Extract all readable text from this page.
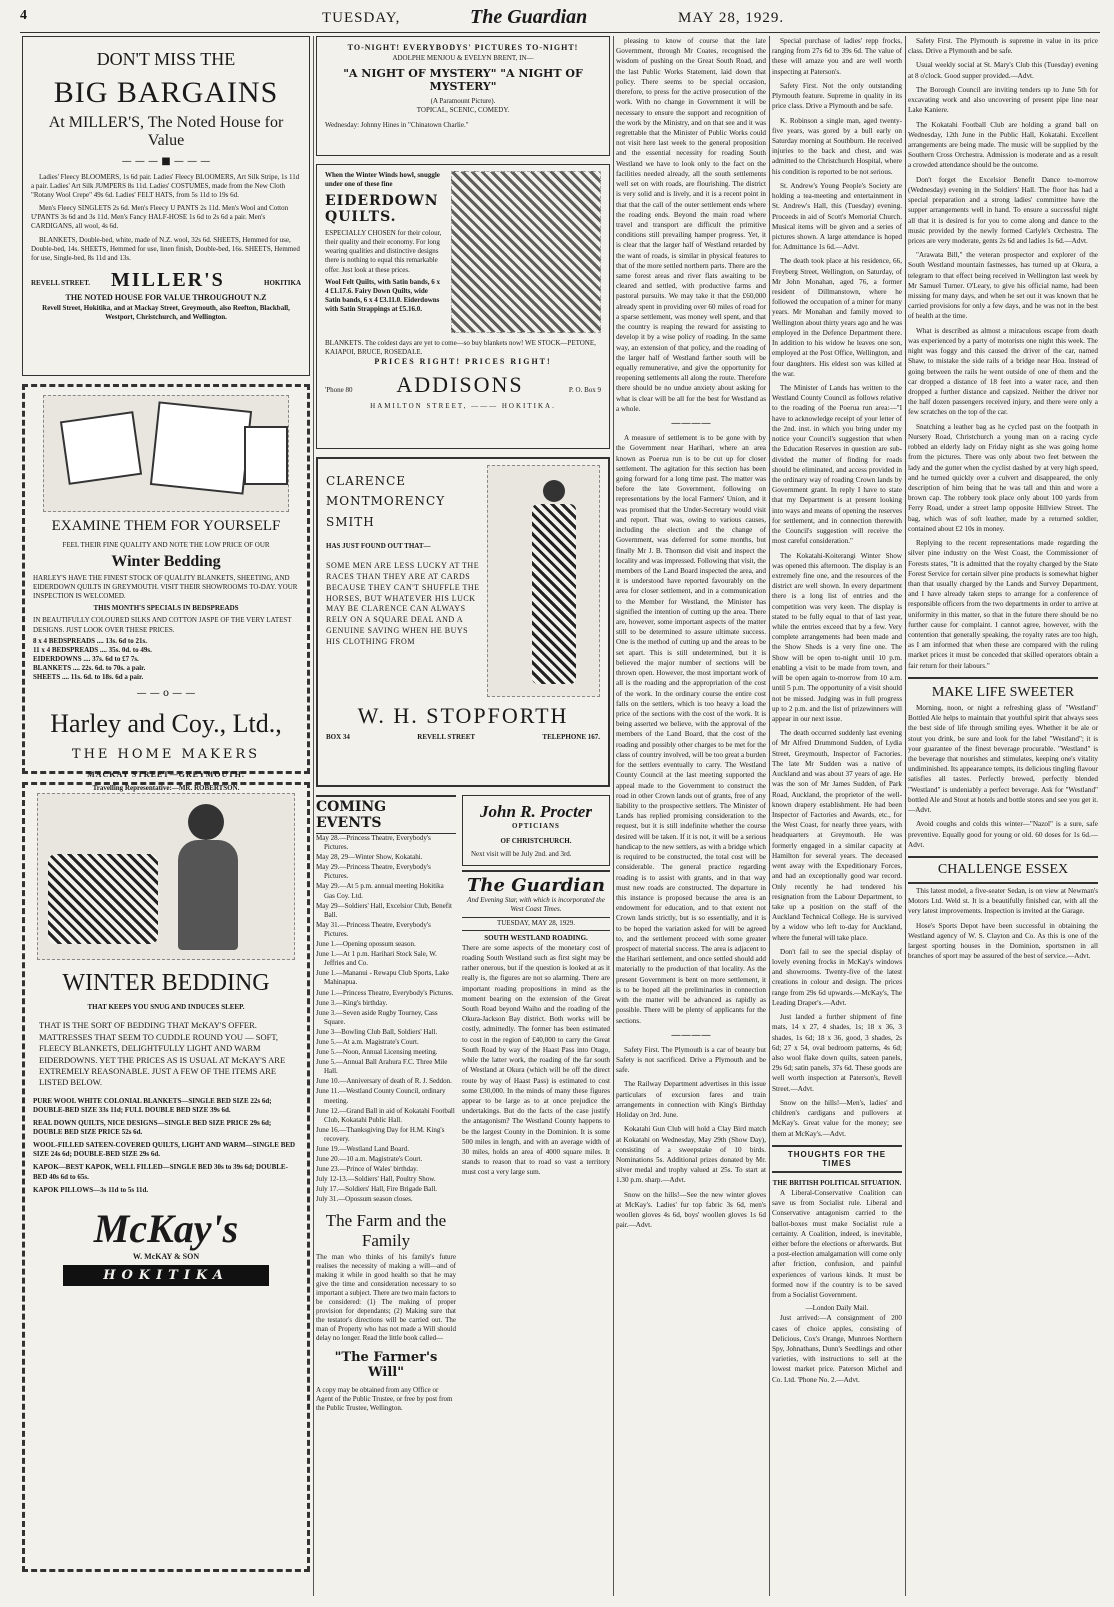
4	TUESDAY,	The Guardian	MAY 28, 1929.
DON'T MISS THE
BIG BARGAINS
At MILLER'S, The Noted House for Value
— — — ■ — — —

Ladies' Fleecy BLOOMERS, 1s 6d pair. Ladies' Fleecy BLOOMERS, Art Silk Stripe, 1s 11d a pair. Ladies' Art Silk JUMPERS 8s 11d. Ladies' COSTUMES, made from the New Cloth "Rotany Wool Crepe" 49s 6d. Ladies' FELT HATS, from 5s 11d to 19s 6d.

Men's Fleecy SINGLETS 2s 6d. Men's Fleecy U PANTS 2s 11d. Men's Wool and Cotton U'PANTS 3s 6d and 3s 11d. Men's Fancy HALF-HOSE 1s 6d to 2s 6d a pair. Men's CARDIGANS, all wool, 4s 6d.

BLANKETS, Double-bed, white, made of N.Z. wool, 32s 6d. SHEETS, Hemmed for use, Double-bed, 14s. SHEETS, Hemmed for use, linen finish, Double-bed, 16s. SHEETS, Hemmed for use, Single-bed, 8s 11d and 13s.

REVELL STREET. MILLER'S	HOKITIKA
THE NOTED HOUSE FOR VALUE THROUGHOUT N.Z
Revell Street, Hokitika, and at Mackay Street, Greymouth, also Reefton, Blackball, Westport, Christchurch, and Wellington.
EXAMINE THEM FOR YOURSELF
FEEL THEIR FINE QUALITY AND NOTE THE LOW PRICE OF OUR
Winter Bedding
HARLEY'S HAVE THE FINEST STOCK OF QUALITY BLANKETS, SHEETING, AND EIDERDOWN QUILTS IN GREYMOUTH. VISIT THEIR SHOWROOMS TO-DAY. YOUR INSPECTION IS WELCOMED.
THIS MONTH'S SPECIALS IN BEDSPREADS
IN BEAUTIFULLY COLOURED SILKS AND COTTON JASPE OF THE VERY LATEST DESIGNS. JUST LOOK OVER THESE PRICES.
8 x 4 BEDSPREADS .... 13s. 6d to 21s.
11 x 4 BEDSPREADS .... 35s. 0d. to 49s.
EIDERDOWNS .... 37s. 6d to £7 7s.
BLANKETS .... 22s. 6d. to 70s. a pair.
SHEETS .... 11s. 6d. to 18s. 6d a pair.
— — o — —
Harley and Coy., Ltd.,
THE HOME MAKERS
MACKAY STREET—GREYMOUTH.
Travelling Representative:—MR. ROBERTSON.
WINTER BEDDING
THAT KEEPS YOU SNUG AND INDUCES SLEEP.
THAT IS THE SORT OF BEDDING THAT McKAY'S OFFER. MATTRESSES THAT SEEM TO CUDDLE ROUND YOU — SOFT, FLEECY BLANKETS, DELIGHTFULLY LIGHT AND WARM EIDERDOWNS. YET THE PRICES AS IS USUAL AT McKAY'S ARE EXTREMELY REASONABLE. JUST A FEW OF THE ITEMS ARE LISTED BELOW.

PURE WOOL WHITE COLONIAL BLANKETS—SINGLE BED SIZE 22s 6d; DOUBLE-BED SIZE 33s 11d; FULL DOUBLE BED SIZE 39s 6d.

REAL DOWN QUILTS, NICE DESIGNS—SINGLE BED SIZE PRICE 29s 6d; DOUBLE BED SIZE PRICE 52s 6d.

WOOL-FILLED SATEEN-COVERED QUILTS, LIGHT AND WARM—SINGLE BED SIZE 24s 6d; DOUBLE-BED SIZE 29s 6d.

KAPOK—BEST KAPOK, WELL FILLED—SINGLE BED 30s to 39s 6d; DOUBLE-BED 40s 6d to 65s.

KAPOK PILLOWS—3s 11d to 5s 11d.

McKay's
W. McKAY & SON
HOKITIKA
TO-NIGHT! EVERYBODYS' PICTURES TO-NIGHT!
ADOLPHE MENJOU & EVELYN BRENT, IN—
"A NIGHT OF MYSTERY" "A NIGHT OF MYSTERY"
(A Paramount Picture).
TOPICAL, SCENIC, COMEDY.
Wednesday: Johnny Hines in "Chinatown Charlie."
When the Winter Winds howl, snuggle under one of these fine
EIDERDOWN QUILTS.
ESPECIALLY CHOSEN for their colour, their quality and their economy. For long wearing qualities and distinctive designs there is nothing to equal this remarkable offer. Just look at these prices.
Wool Felt Quilts, with Satin bands, 6 x 4 £1.17.6. Fairy Down Quilts, wide Satin bands, 6 x 4 £3.11.0. Eiderdowns with Satin Strappings at £5.16.0.
BLANKETS. The coldest days are yet to come—so buy blankets now! WE STOCK—PETONE, KAIAPOI, BRUCE, ROSEDALE.
PRICES RIGHT! PRICES RIGHT!
'Phone 80	ADDISONS	P. O. Box 9
HAMILTON STREET, ——— HOKITIKA.
CLARENCE
MONTMORENCY
SMITH
HAS JUST FOUND OUT THAT—
SOME MEN ARE LESS LUCKY AT THE RACES THAN THEY ARE AT CARDS BECAUSE THEY CAN'T SHUFFLE THE HORSES, BUT WHATEVER HIS LUCK MAY BE CLARENCE CAN ALWAYS RELY ON A SQUARE DEAL AND A GENUINE SAVING WHEN HE BUYS HIS CLOTHING FROM
W. H. STOPFORTH
BOX 34	REVELL STREET	TELEPHONE 167.
COMING EVENTS

May 28.—Princess Theatre, Everybody's Pictures.

May 28, 29—Winter Show, Kokatahi.

May 29.—Princess Theatre, Everybody's Pictures.

May 29.—At 5 p.m. annual meeting Hokitika Gas Coy. Ltd.

May 29—Soldiers' Hall, Excelsior Club, Benefit Ball.

May 31.—Princess Theatre, Everybody's Pictures.

June 1.—Opening opossum season.

June 1.—At 1 p.m. Harihari Stock Sale, W. Jeffries and Co.

June 1.—Mananui - Rewapu Club Sports, Lake Mahinapua.

June 1.—Princess Theatre, Everybody's Pictures.

June 3.—King's birthday.

June 3.—Seven aside Rugby Tourney, Cass Square.

June 3—Bowling Club Ball, Soldiers' Hall.

June 5.—At a.m. Magistrate's Court.

June 5.—Noon, Annual Licensing meeting.

June 5.—Annual Ball Arahura F.C. Three Mile Hall.

June 10.—Anniversary of death of R. J. Seddon.

June 11.—Westland County Council, ordinary meeting.

June 12.—Grand Ball in aid of Kokatahi Football Club, Kokatahi Public Hall.

June 16.—Thanksgiving Day for H.M. King's recovery.

June 19.—Westland Land Board.

June 20.—10 a.m. Magistrate's Court.

June 23.—Prince of Wales' birthday.

July 12-13.—Soldiers' Hall, Poultry Show.

July 17.—Soldiers' Hall, Fire Brigade Ball.

July 31.—Opossum season closes.

The Farm and the Family
The man who thinks of his family's future realises the necessity of making a will—and of making it while in good health so that he may give the time and consideration necessary to so important a subject. There are two main factors to be considered: (1) The making of proper provision for dependants; (2) Making sure that the testator's directions will be carried out. The man of Property who has not made a Will should delay no longer. Read the little book called—
"The Farmer's Will"
A copy may be obtained from any Office or Agent of the Public Trustee, or free by post from the Public Trustee, Wellington.
John R. Procter
OPTICIANS
OF CHRISTCHURCH.
Next visit will be July 2nd. and 3rd.
The Guardian
And Evening Star, with which is incorporated the West Coast Times.
TUESDAY, MAY 28, 1929.
SOUTH WESTLAND ROADING.
There are some aspects of the monetary cost of roading South Westland such as first sight may be rather onerous, but if the question is looked at as it really is, the figures are not so alarming. There are important roading propositions in mind as the moment bearing on the extension of the Great South Road beyond Waiho and the roading of the Okura-Jackson Bay district. Both works will be costly, admittedly. The former has been estimated to cost in the region of £40,000 to carry the Great South Road by way of the Haast Pass into Otago, while the latter work, the roading of the far south of Westland at Okura (which will be off the direct route by way of Haast Pass) is estimated to cost some £30,000. In the minds of many these figures appear to be large as to at once prejudice the undertakings. But do the facts of the case justify the antagonism? The Westland County happens to be the largest County in the Dominion. It is some 500 miles in length, and with an average width of 30 miles, holds an area of 4000 square miles. It stands to reason that to road so vast a territory must cost a very large sum.

pleasing to know of course that the late Government, through Mr Coates, recognised the wisdom of pushing on the Great South Road, and the last Public Works Statement, laid down that policy. There seems to be special occasion, therefore, to press for the active prosecution of the work. With no change in Government it will be necessary to ensure the support and recognition of the work by the Ministry, and on that see and it was regrettable that the Minister of Public Works could not visit here last week to the general proposition and the essential necessity for roading South Westland we have to look only to the fact on the facilities needed already, all the south settlements well set on with roads, are flourishing. The district is very solid and is lively, and it is a recent point in that that the call of the outer settlement ends where the roading ends. Beyond the main road where travel and transport are difficult the primitive conditions still prevailing hamper progress. Yet, it is clear that the larger half of Westland retarded by the want of roads, is similar in physical features to that of the more settled northern parts. There are the same forest areas and river flats awaiting to be cleared and settled, with productive farms and pastoral pursuits. We may take it that the £60,000 already spent in providing over 60 miles of road for a sparse settlement, was money well spent, and that the country is reaping the reward for assisting to develop it by a wise policy of roading. In the same way, an extension of that policy, and the roading of the larger half of Westland farther south will be equally remunerative, and give the opportunity for reopening settlements all along the route. Therefore there should be no undue anxiety about asking for what is clear will be all for the best for Westland as a whole.

————

A measure of settlement is to be gone with by the Government near Harihari, where an area known as Poerua run is to be cut up for closer settlement. The agitation for this section has been going forward for a long time past. The matter was before the late Government, following on representations by the local Farmers' Union, and it was promised that the Under-Secretary would visit and report. That was, owing to various causes, including the election and the change of Government, was deferred for some months, but finally Mr J. B. Thomson did visit and inspect the locality and was impressed. Following that visit, the members of the Land Board inspected the area, and it is understood have reported favourably on the area for closer settlement, and in a communication to the Member for Westland, the Minister has signified the intention of cutting up the area. There are, however, some important aspects of the matter still to be determined to assure ultimate success. One is the method of cutting up and the areas to be set apart. This is still undetermined, but it is believed the major number of sections will be thrown open. However, the most important work of all is the roading and the appropriation of the cost of the work. In the ordinary course the entire cost falls on the settlers, which is too heavy a load the price of the sections with the cost of the work. It is being asserted we believe, with the approval of the members of the Land Board, that the cost of the roading and possibly other charges to be met for the class of country involved, will be too great a burden for the settlers eventually to carry. The Westland County Council at the last meeting supported the appeal made to the Government to construct the road in other Crown lands out of grants, free of any liability to the prospective settlers. The Minister of Lands has replied promising consideration to the request, but it is still indefinite whether the course desired will be taken. If it is not, it will be a serious handicap to the new settlers, as with a bridge which is required to be constructed, the total cost will be considerable. The general practice regarding roading is to assist with grants, and in that way must new roads are constructed. The departure in this instance is proposed because the area is an endowment for education, and to that extent not Crown lands strictly, but is so essentially, and it is to be hoped the variation asked for will be agreed to, and the settlement proceed with some greater prospect of material success. The area is adjacent to the Harihari settlement, and once settled should add materially to the production of that locality. As the present Government is bent on more settlement, it is to be hoped all the preliminaries in connection with the matter will be advanced as rapidly as possible. There will be plenty of applicants for the sections.

————

Safety First. The Plymouth is a car of beauty but Safety is not sacrificed. Drive a Plymouth and be safe.

The Railway Department advertises in this issue particulars of excursion fares and train arrangements in connection with King's Birthday Holiday on 3rd. June.

Kokatahi Gun Club will hold a Clay Bird match at Kokatahi on Wednesday, May 29th (Show Day), consisting of a sweepstake of 10 birds. Nominations 5s. Additional prizes donated by Mr. silver medal and trophy valued at 25s. To start at 1.30 p.m. sharp.—Advt.

Snow on the hills!—See the new winter gloves at McKay's. Ladies' fur top fabric 3s 6d, men's woollen gloves 4s 6d, boys' woollen gloves 1s 6d pair.—Advt.

Special purchase of ladies' repp frocks, ranging from 27s 6d to 39s 6d. The value of these will amaze you and are well worth inspecting at Paterson's.

Safety First. Not the only outstanding Plymouth feature. Supreme in quality in its price class. Drive a Plymouth and be safe.

K. Robinson a single man, aged twenty-five years, was gored by a bull early on Saturday morning at Southburn. He received injuries to the back and chest, and was admitted to the Christchurch Hospital, where his condition is reported to be not serious.

St. Andrew's Young People's Society are holding a tea-meeting and entertainment in St. Andrew's Hall, this (Tuesday) evening. Proceeds in aid of Scott's Memorial Church. Musical items will be given and a series of pictures shown. A large attendance is hoped for. Admittance 1s 6d.—Advt.

The death took place at his residence, 66, Freyberg Street, Wellington, on Saturday, of Mr John Monahan, aged 76, a former resident of Dillmanstown, where he followed the occupation of a miner for many years. Mr Monahan and family moved to Wellington about thirty years ago and he was employed in the Defence Department there. In addition to his widow he leaves one son, employed at the Post Office, Wellington, and four daughters. His eldest son was killed at the war.

The Minister of Lands has written to the Westland County Council as follows relative to the roading of the Poerua run area:—"I have to acknowledge receipt of your letter of the 2nd. inst. in which you bring under my notice your Council's suggestion that when the Education Reserves in question are sub-divided the matter of finding for roads should be eliminated, and access provided in the ordinary way of roading Crown lands by Government grant. In reply I have to state that my Department is at present looking into ways and means of opening the reserves for settlement, and in connection therewith the Council's suggestion will receive the most careful consideration."

The Kokatahi-Koiterangi Winter Show was opened this afternoon. The display is an extremely fine one, and the resources of the district are well shown. In every department there is a long list of entries and the competition was very keen. The display is stated to be fully equal to that of last year, while the entries exceed that by a few. Very complete arrangements had been made and the Show Sheds is a very fine one. The Show will be open to-night until 10 p.m. enabling a visit to be made from town, and will be open again to-morrow from 10 a.m. until 5 p.m. The opportunity of a visit should not be missed. Judging was in full progress up to 2 p.m. and the list of prizewinners will appear in our next issue.

The death occurred suddenly last evening of Mr Alfred Drummond Sudden, of Lydia Street, Greymouth, Inspector of Factories. The late Mr Sudden was a native of Auckland and was about 37 years of age. He was the son of Mr James Sudden, of Park Road, Auckland, the proprietor of the well-known drapery establishment. He had been Inspector of Factories and Awards, etc., for the West Coast, for nearly three years, with headquarters at Greymouth. He was formerly engaged in a similar capacity at Hamilton for several years. The deceased went away with the Expeditionary Forces, and had an exceptionally good war record. Only recently he had tendered his resignation from the Labour Department, to take up a position on the staff of the Auckland Technical College. He is survived by a widow who left to-day for Auckland, where the funeral will take place.

Don't fail to see the special display of lovely evening frocks in McKay's windows and showrooms. Twenty-five of the latest creations in colour and design. The prices range from 29s 6d upwards.—McKay's, The Leading Draper's.—Advt.

Just landed a further shipment of fine mats, 14 x 27, 4 shades, 1s; 18 x 36, 3 shades, 1s 6d; 18 x 36, good, 3 shades, 2s 6d; 27 x 54, oval bedroom patterns, 4s 6d; also wool flake down quilts, sateen panels, 29s 6d; satin panels, 37s 6d. These goods are well worth inspection at Paterson's, Revell Street.—Advt.

Snow on the hills!—Men's, ladies' and children's cardigans and pullovers at McKay's. Great value for the money; see them at McKay's.—Advt.

THOUGHTS FOR THE TIMES
THE BRITISH POLITICAL SITUATION.

A Liberal-Conservative Coalition can save us from Socialist rule. Liberal and Conservative antagonism carried to the ballot-boxes must make Socialist rule a certainty. A Coalition, indeed, is inevitable, either before the elections or afterwards. But a post-election amalgamation will come only after friction, confusion, and painful experiences of various kinds. It must be formed now if the country is to be saved from a Socialist Government.

—London Daily Mail.

Just arrived:—A consignment of 200 cases of choice apples, consisting of Delicious, Cox's Orange, Munroes Northern Spy, Johnathans, Dunn's Seedlings and other varieties, with instructions to sell at the lowest market price. Paterson Michel and Co. Ltd. 'Phone No. 2.—Advt.

Safety First. The Plymouth is supreme in value in its price class. Drive a Plymouth and be safe.

Usual weekly social at St. Mary's Club this (Tuesday) evening at 8 o'clock. Good supper provided.—Advt.

The Borough Council are inviting tenders up to June 5th for excavating work and also uncovering of present pipe line near Lake Kaniere.

The Kokatahi Football Club are holding a grand ball on Wednesday, 12th June in the Public Hall, Kokatahi. Excellent arrangements are being made. The music will be supplied by the Southern Cross Orchestra. Admission is moderate and as a result a crowded attendance should be the outcome.

Don't forget the Excelsior Benefit Dance to-morrow (Wednesday) evening in the Soldiers' Hall. The floor has had a special preparation and a strong ladies' committee have the supper arrangements well in hand. To ensure a successful night all that it is desired is for you to come along and dance to the music provided by the newly formed Carlyle's Orchestra. The prices are very moderate, gents 2s 6d and ladies 1s 6d.—Advt.

"Arawata Bill," the veteran prospector and explorer of the South Westland mountain fastnesses, has turned up at Okura, a telegram to that effect being received in Wellington last week by Mr Samuel Turner. O'Leary, to give his official name, had been missing for many days, and when he set out it was known that he carried provisions for only a few days, and he was not in the best of health at the time.

What is described as almost a miraculous escape from death was experienced by a party of motorists one night this week. The night was foggy and this caused the driver of the car, named Shaw, to mistake the side rails of a bridge near Hoa. Instead of going between the rails he went outside of one of them and the car dropped a distance of 18 feet into a water race, and then dropped a further distance and capsized. Neither the driver nor the half dozen passengers received injury, and there were only a few scratches on the top of the car.

Snatching a leather bag as he cycled past on the footpath in Nursery Road, Christchurch a young man on a racing cycle robbed an elderly lady on Friday night as she was going home from the pictures. There was only about two feet between the lady and the gutter when the cyclist dashed by at very high speed, and he turned quickly over a culvert and disappeared, the only description of him being that he was tall and thin and wore a brown cap. The robbery took place only about 100 yards from Ferry Road, under a street lamp opposite Hillview Street. The bag, which was of soft leather, made by a returned soldier, contained about £2 10s in money.

Replying to the recent representations made regarding the silver pine industry on the West Coast, the Commissioner of Forests states, "It is admitted that the royalty charged by the State Forest Service for certain silver pine products is somewhat higher than that usually charged by the Lands and Survey Department, and I have already taken steps to arrange for a conference of responsible officers from the two departments in order to arrive at uniformity in this matter, so that in the future there should be no further cause for complaint. I cannot agree, however, with the contention that generally speaking, the royalty rates are too high, as I am informed that when these are compared with the ruling market prices it must be conceded that skilled operators obtain a fair return for their labours."

MAKE LIFE SWEETER

Morning, noon, or night a refreshing glass of "Westland" Bottled Ale helps to maintain that youthful spirit that always sees the best side of life through smiling eyes. Whether it be ale or stout you drink, be sure and look for the label "Westland"; it is your guarantee of the finest beverage procurable. "Westland" is the beverage that nourishes and stimulates, keeping one's vitality undiminished. Its appearance tempts, its delicious tingling flavour satisfies all tastes. Perfectly brewed, perfectly blended "Westland" is undeniably a perfect beverage. Ask for "Westland" bottled Ale and Stout at hotels and bottle stores and see you get it.—Advt.

Avoid coughs and colds this winter—"Nazol" is a sure, safe preventive. Equally good for young or old. 60 doses for 1s 6d.—Advt.

CHALLENGE ESSEX

This latest model, a five-seater Sedan, is on view at Newman's Motors Ltd. Weld st. It is a beautifully finished car, with all the very latest improvements. Inspection is invited at the Garage.

Hose's Sports Depot have been successful in obtaining the Westland agency of W. S. Clayton and Co. As this is one of the largest sporting houses in the Dominion, sportsmen in all branches of sport may be assured of the best of service.—Advt.
